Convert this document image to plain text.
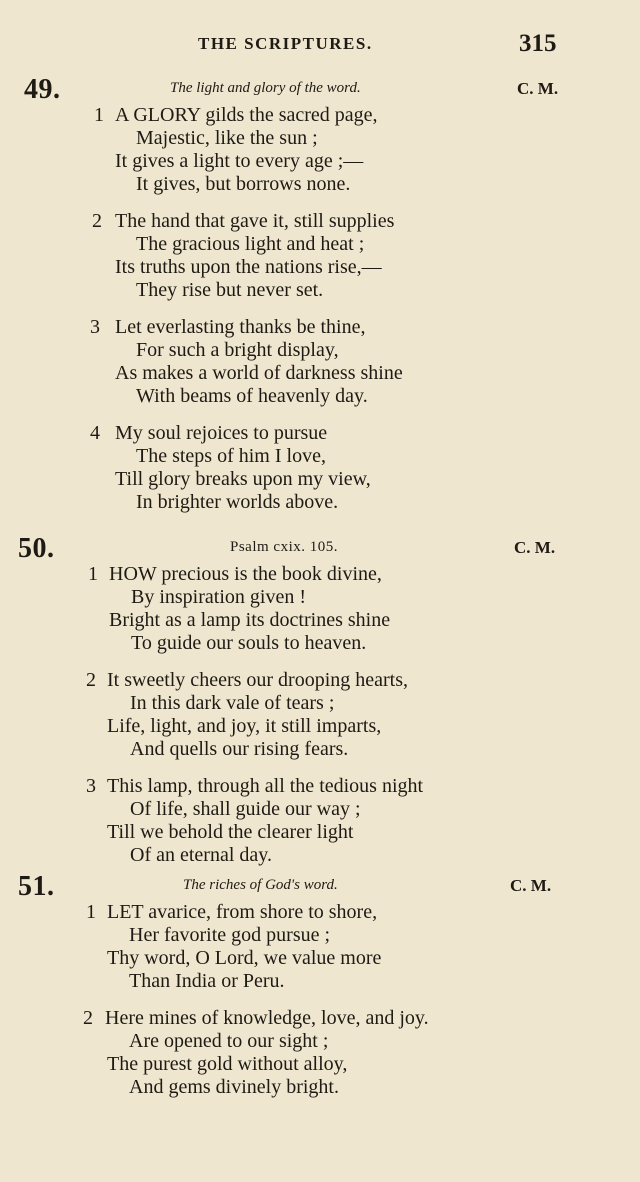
THE SCRIPTURES.	315
49.	The light and glory of the word.	C. M.
1 A GLORY gilds the sacred page,
Majestic, like the sun ;
It gives a light to every age ;—
It gives, but borrows none.
2 The hand that gave it, still supplies
The gracious light and heat ;
Its truths upon the nations rise,—
They rise but never set.
3 Let everlasting thanks be thine,
For such a bright display,
As makes a world of darkness shine
With beams of heavenly day.
4 My soul rejoices to pursue
The steps of him I love,
Till glory breaks upon my view,
In brighter worlds above.
50.	Psalm cxix. 105.	C. M.
1 HOW precious is the book divine,
By inspiration given !
Bright as a lamp its doctrines shine
To guide our souls to heaven.
2 It sweetly cheers our drooping hearts,
In this dark vale of tears ;
Life, light, and joy, it still imparts,
And quells our rising fears.
3 This lamp, through all the tedious night
Of life, shall guide our way ;
Till we behold the clearer light
Of an eternal day.
51.	The riches of God's word.	C. M.
1 LET avarice, from shore to shore,
Her favorite god pursue ;
Thy word, O Lord, we value more
Than India or Peru.
2 Here mines of knowledge, love, and joy.
Are opened to our sight ;
The purest gold without alloy,
And gems divinely bright.
